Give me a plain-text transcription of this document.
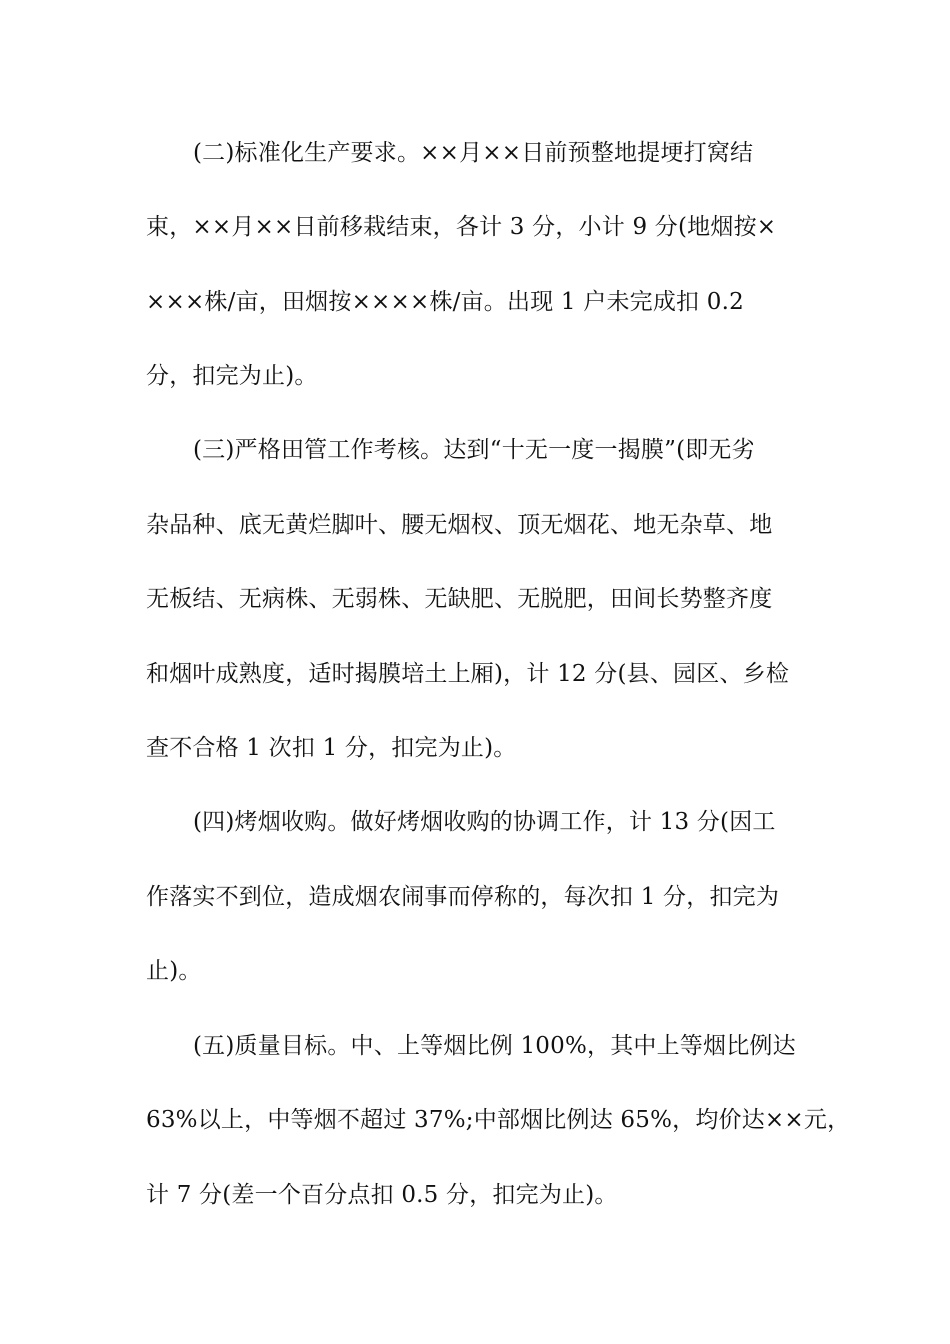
(二)标准化生产要求。××月××日前预整地提埂打窝结
束，××月××日前移栽结束，各计 3 分，小计 9 分(地烟按×
×××株/亩，田烟按××××株/亩。出现 1 户未完成扣 0.2
分，扣完为止)。
(三)严格田管工作考核。达到“十无一度一揭膜”(即无劣
杂品种、底无黄烂脚叶、腰无烟杈、顶无烟花、地无杂草、地
无板结、无病株、无弱株、无缺肥、无脱肥，田间长势整齐度
和烟叶成熟度，适时揭膜培土上厢)，计 12 分(县、园区、乡检
查不合格 1 次扣 1 分，扣完为止)。
(四)烤烟收购。做好烤烟收购的协调工作，计 13 分(因工
作落实不到位，造成烟农闹事而停称的，每次扣 1 分，扣完为
止)。
(五)质量目标。中、上等烟比例 100%，其中上等烟比例达
63%以上，中等烟不超过 37%;中部烟比例达 65%，均价达××元，
计 7 分(差一个百分点扣 0.5 分，扣完为止)。
